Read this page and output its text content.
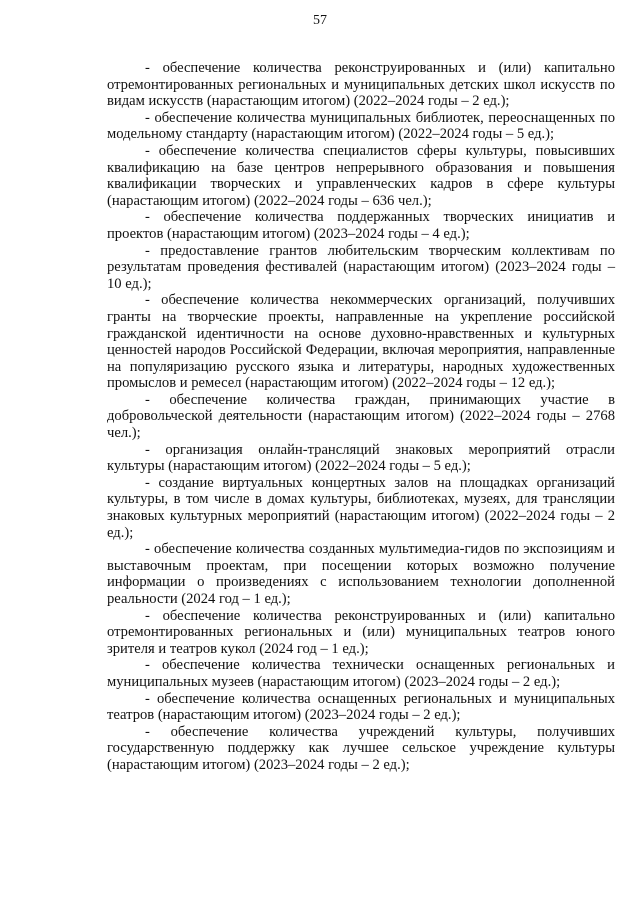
57

- обеспечение количества реконструированных и (или) капитально отремонтированных региональных и муниципальных детских школ искусств по видам искусств (нарастающим итогом) (2022–2024 годы – 2 ед.);

- обеспечение количества муниципальных библиотек, переоснащенных по модельному стандарту (нарастающим итогом) (2022–2024 годы – 5 ед.);

- обеспечение количества специалистов сферы культуры, повысивших квалификацию на базе центров непрерывного образования и повышения квалификации творческих и управленческих кадров в сфере культуры (нарастающим итогом) (2022–2024 годы – 636 чел.);

- обеспечение количества поддержанных творческих инициатив и проектов (нарастающим итогом) (2023–2024 годы – 4 ед.);

- предоставление грантов любительским творческим коллективам по результатам проведения фестивалей (нарастающим итогом) (2023–2024 годы – 10 ед.);

- обеспечение количества некоммерческих организаций, получивших гранты на творческие проекты, направленные на укрепление российской гражданской идентичности на основе духовно-нравственных и культурных ценностей народов Российской Федерации, включая мероприятия, направленные на популяризацию русского языка и литературы, народных художественных промыслов и ремесел (нарастающим итогом) (2022–2024 годы – 12 ед.);

- обеспечение количества граждан, принимающих участие в добровольческой деятельности (нарастающим итогом) (2022–2024 годы – 2768 чел.);

- организация онлайн-трансляций знаковых мероприятий отрасли культуры (нарастающим итогом) (2022–2024 годы – 5 ед.);

- создание виртуальных концертных залов на площадках организаций культуры, в том числе в домах культуры, библиотеках, музеях, для трансляции знаковых культурных мероприятий (нарастающим итогом) (2022–2024 годы – 2 ед.);

- обеспечение количества созданных мультимедиа-гидов по экспозициям и выставочным проектам, при посещении которых возможно получение информации о произведениях с использованием технологии дополненной реальности (2024 год – 1 ед.);

- обеспечение количества реконструированных и (или) капитально отремонтированных региональных и (или) муниципальных театров юного зрителя и театров кукол (2024 год – 1 ед.);

- обеспечение количества технически оснащенных региональных и муниципальных музеев (нарастающим итогом) (2023–2024 годы – 2 ед.);

- обеспечение количества оснащенных региональных и муниципальных театров (нарастающим итогом) (2023–2024 годы – 2 ед.);

- обеспечение количества учреждений культуры, получивших государственную поддержку как лучшее сельское учреждение культуры (нарастающим итогом) (2023–2024 годы – 2 ед.);
